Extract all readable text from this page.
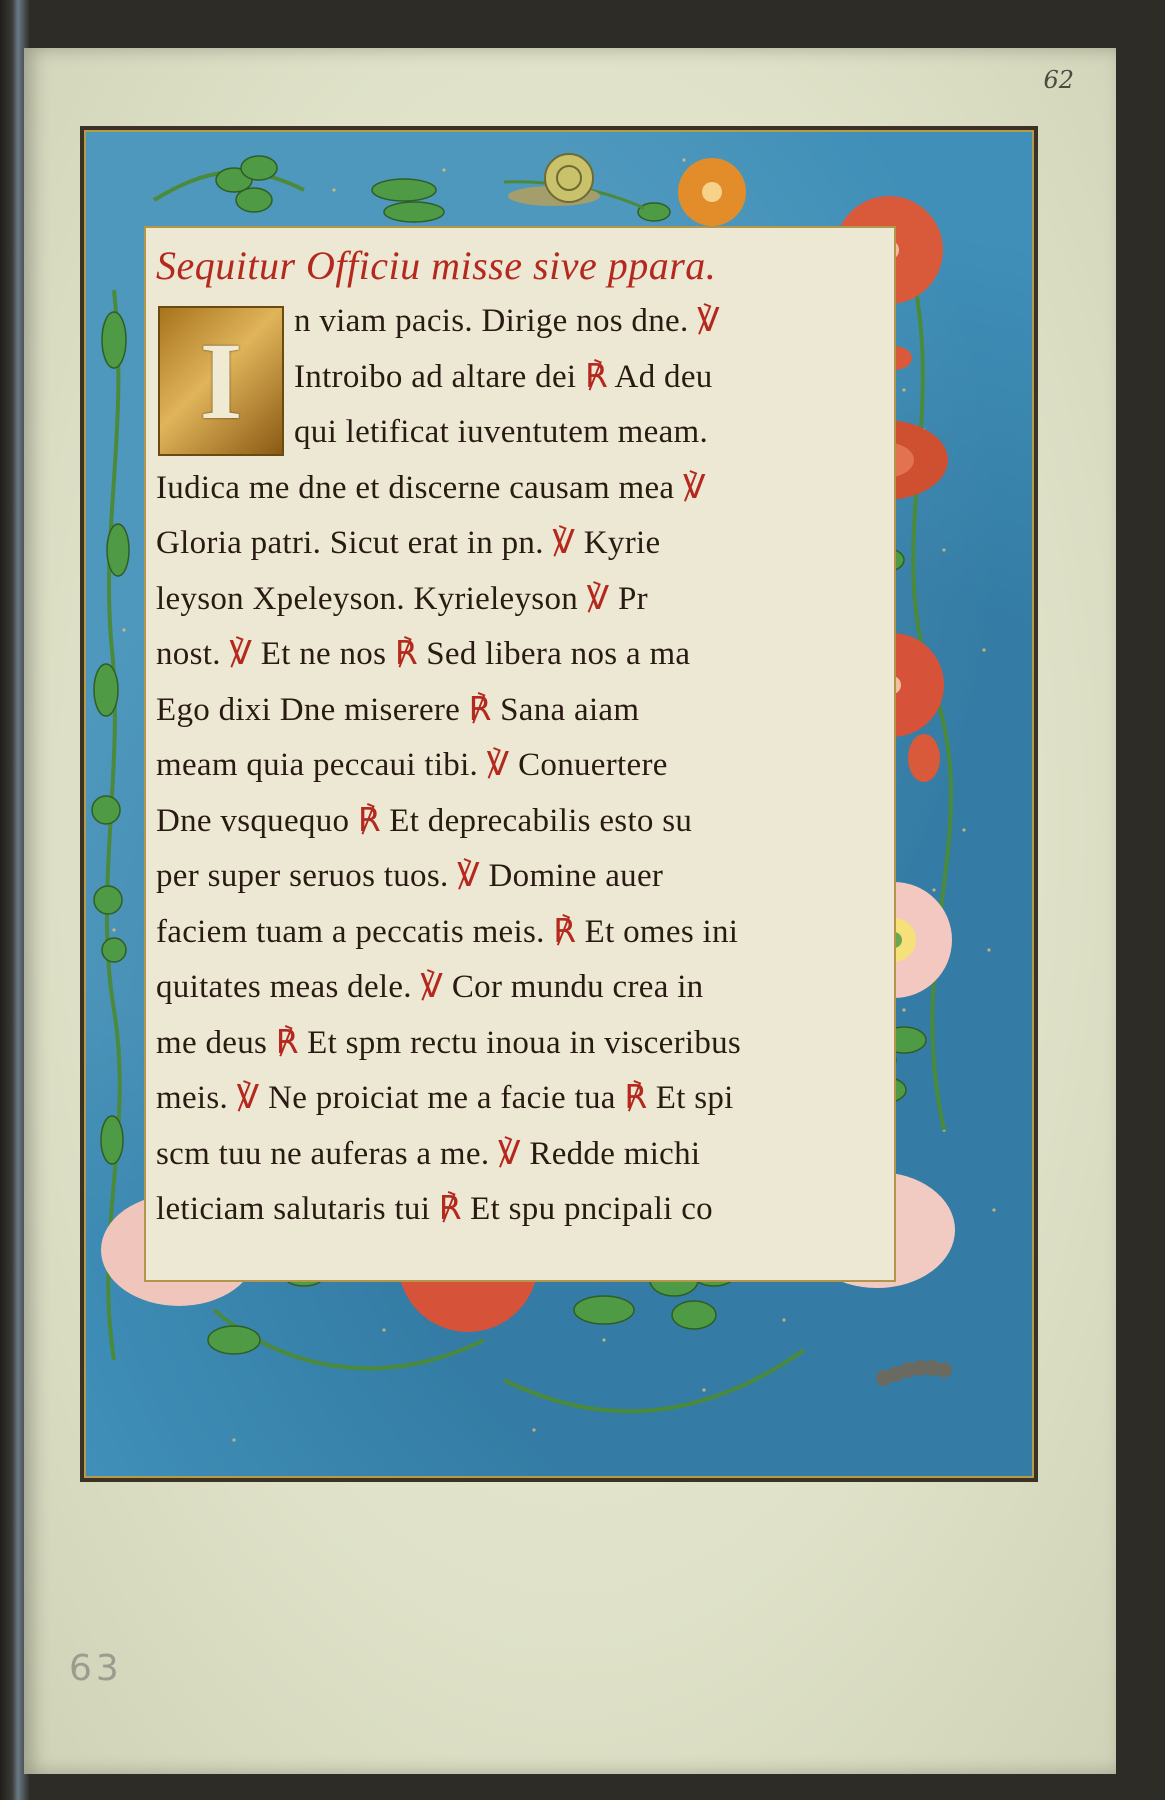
62
63
Sequitur Officiu misse sive ppara.
I	n viam pacis. Dirige nos dne. ℣
Introibo ad altare dei ℟ Ad deu
qui letificat iuventutem meam.
Iudica me dne et discerne causam mea ℣
Gloria patri. Sicut erat in pn. ℣ Kyrie
leyson Xpeleyson. Kyrieleyson ℣ Pr
nost. ℣ Et ne nos ℟ Sed libera nos a ma
Ego dixi Dne miserere ℟ Sana aiam
meam quia peccaui tibi. ℣ Conuertere
Dne vsquequo ℟ Et deprecabilis esto su
per super seruos tuos. ℣ Domine auer
faciem tuam a peccatis meis. ℟ Et omes ini
quitates meas dele. ℣ Cor mundu crea in
me deus ℟ Et spm rectu inoua in visceribus
meis. ℣ Ne proiciat me a facie tua ℟ Et spi
scm tuu ne auferas a me. ℣ Redde michi
leticiam salutaris tui ℟ Et spu pncipali co
